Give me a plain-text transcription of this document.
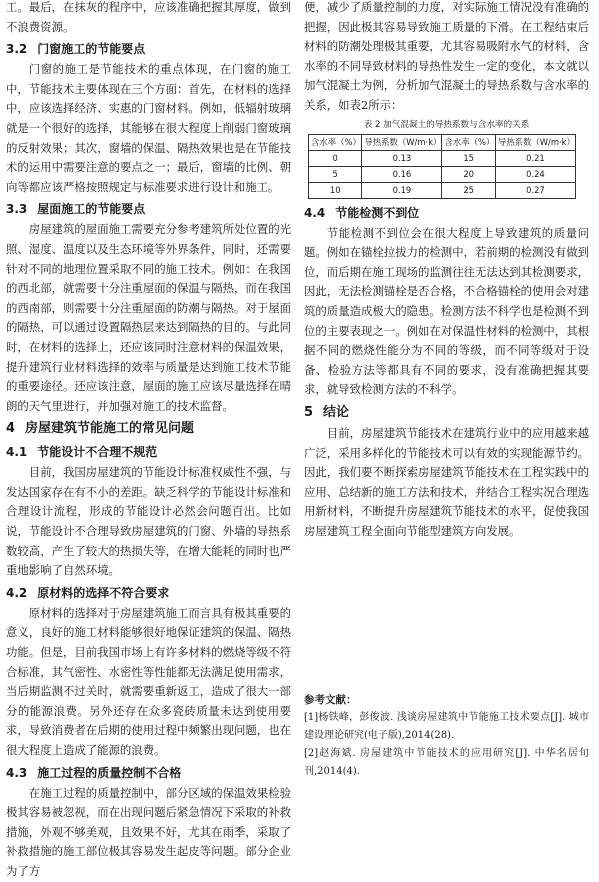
工。最后，在抹灰的程序中，应该准确把握其厚度，做到不浪费资源。

3.2 门窗施工的节能要点

门窗的施工是节能技术的重点体现，在门窗的施工中，节能技术主要体现在三个方面：首先，在材料的选择中，应该选择经济、实惠的门窗材料。例如，低辐射玻璃就是一个很好的选择，其能够在很大程度上削弱门窗玻璃的反射效果；其次，窗墙的保温、隔热效果也是在节能技术的运用中需要注意的要点之一；最后，窗墙的比例、朝向等都应该严格按照规定与标准要求进行设计和施工。

3.3 屋面施工的节能要点

房屋建筑的屋面施工需要充分参考建筑所处位置的光照、湿度、温度以及生态环境等外界条件，同时，还需要针对不同的地理位置采取不同的施工技术。例如：在我国的西北部，就需要十分注重屋面的保温与隔热，而在我国的西南部，则需要十分注重屋面的防潮与隔热。对于屋面的隔热，可以通过设置隔热层来达到隔热的目的。与此同时，在材料的选择上，还应该同时注意材料的保温效果，提升建筑行业材料选择的效率与质量是达到施工技术节能的重要途径。还应该注意，屋面的施工应该尽量选择在晴朗的天气里进行，并加强对施工的技术监督。

4 房屋建筑节能施工的常见问题
4.1 节能设计不合理不规范

目前，我国房屋建筑的节能设计标准权威性不强，与发达国家存在有不小的差距。缺乏科学的节能设计标准和合理设计流程，形成的节能设计必然会问题百出。比如说，节能设计不合理导致房屋建筑的门窗、外墙的导热系数较高，产生了较大的热损失等，在增大能耗的同时也严重地影响了自然环境。

4.2 原材料的选择不符合要求

原材料的选择对于房屋建筑施工而言具有极其重要的意义，良好的施工材料能够很好地保证建筑的保温、隔热功能。但是，目前我国市场上有许多材料的燃烧等级不符合标准，其气密性、水密性等性能都无法满足使用需求，当后期监测不过关时，就需要重新返工，造成了很大一部分的能源浪费。另外还存在众多瓷砖质量未达到使用要求，导致消费者在后期的使用过程中频繁出现问题，也在很大程度上造成了能源的浪费。

4.3 施工过程的质量控制不合格

在施工过程的质量控制中，部分区域的保温效果检验极其容易被忽视，而在出现问题后紧急情况下采取的补救措施，外观不够美观，且效果不好，尤其在雨季，采取了补救措施的施工部位极其容易发生起皮等问题。部分企业为了方

便，减少了质量控制的力度，对实际施工情况没有准确的把握，因此极其容易导致施工质量的下滑。在工程结束后材料的防潮处理极其重要，尤其容易吸附水气的材料，含水率的不同导致材料的导热性发生一定的变化，本文就以加气混凝土为例，分析加气混凝土的导热系数与含水率的关系，如表2所示：

表 2 加气混凝土的导热系数与含水率的关系
含水率（%）	导热系数（W/m·k）	含水率（%）	导热系数（W/m·k）
0	0.13	15	0.21
5	0.16	20	0.24
10	0.19	25	0.27
4.4 节能检测不到位

节能检测不到位会在很大程度上导致建筑的质量问题。例如在锚栓拉拔力的检测中，若前期的检测没有做到位，而后期在施工现场的监测往往无法达到其检测要求，因此，无法检测锚栓是否合格，不合格锚栓的使用会对建筑的质量造成极大的隐患。检测方法不科学也是检测不到位的主要表现之一。例如在对保温性材料的检测中，其根据不同的燃烧性能分为不同的等级，而不同等级对于设备、检验方法等都具有不同的要求，没有准确把握其要求，就导致检测方法的不科学。

5 结论

目前，房屋建筑节能技术在建筑行业中的应用越来越广泛，采用多样化的节能技术可以有效的实现能源节约。因此，我们要不断探索房屋建筑节能技术在工程实践中的应用、总结新的施工方法和技术，并结合工程实况合理选用新材料，不断提升房屋建筑节能技术的水平，促使我国房屋建筑工程全面向节能型建筑方向发展。

参考文献：
[1]杨铁峰，彭俊波. 浅谈房屋建筑中节能施工技术要点[J]. 城市建设理论研究(电子版),2014(28).
[2]赵海斌. 房屋建筑中节能技术的应用研究[J]. 中华名居旬刊,2014(4).
